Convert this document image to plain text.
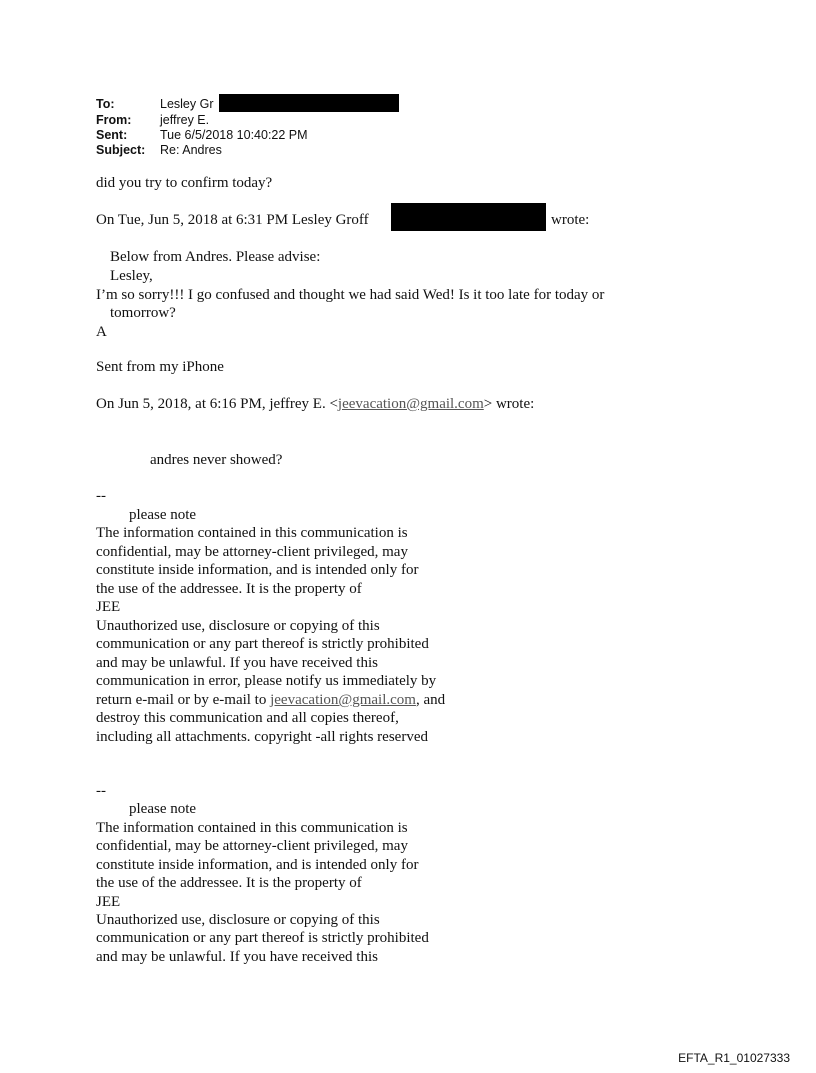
To:	Lesley Gr
From: jeffrey E.
Sent:	Tue 6/5/2018 10:40:22 PM
Subject: Re: Andres
did you try to confirm today?
On Tue, Jun 5, 2018 at 6:31 PM Lesley Groff	wrote:
Below from Andres. Please advise:
Lesley,
I’m so sorry!!! I go confused and thought we had said Wed! Is it too late for today or
tomorrow?
A
Sent from my iPhone
On Jun 5, 2018, at 6:16 PM, jeffrey E. <jeevacation@gmail.com> wrote:
andres never showed?
--
please note
The information contained in this communication is
confidential, may be attorney-client privileged, may
constitute inside information, and is intended only for
the use of the addressee. It is the property of
JEE
Unauthorized use, disclosure or copying of this
communication or any part thereof is strictly prohibited
and may be unlawful. If you have received this
communication in error, please notify us immediately by
return e-mail or by e-mail to jeevacation@gmail.com, and
destroy this communication and all copies thereof,
including all attachments. copyright -all rights reserved
--
please note
The information contained in this communication is
confidential, may be attorney-client privileged, may
constitute inside information, and is intended only for
the use of the addressee. It is the property of
JEE
Unauthorized use, disclosure or copying of this
communication or any part thereof is strictly prohibited
and may be unlawful. If you have received this
EFTA_R1_01027333
